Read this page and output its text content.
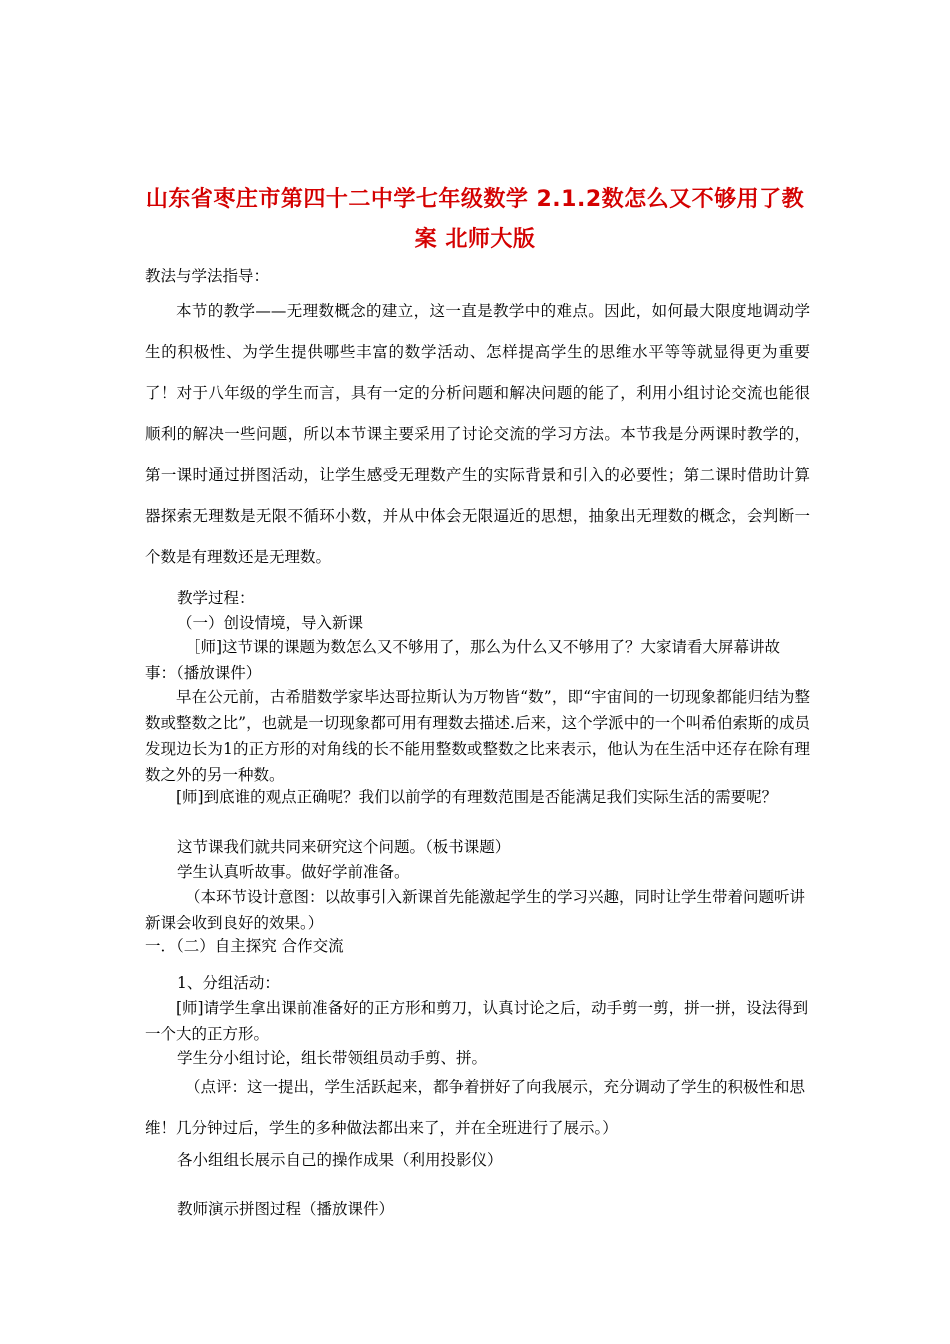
山东省枣庄市第四十二中学七年级数学 2.1.2数怎么又不够用了教
案 北师大版
教法与学法指导：

本节的教学——无理数概念的建立，这一直是教学中的难点。因此，如何最大限度地调动学生的积极性、为学生提供哪些丰富的数学活动、怎样提高学生的思维水平等等就显得更为重要了！对于八年级的学生而言，具有一定的分析问题和解决问题的能了，利用小组讨论交流也能很顺利的解决一些问题，所以本节课主要采用了讨论交流的学习方法。本节我是分两课时教学的，第一课时通过拼图活动，让学生感受无理数产生的实际背景和引入的必要性；第二课时借助计算器探索无理数是无限不循环小数，并从中体会无限逼近的思想，抽象出无理数的概念，会判断一个数是有理数还是无理数。

教学过程：
（一）创设情境，导入新课

［师]这节课的课题为数怎么又不够用了，那么为什么又不够用了？大家请看大屏幕讲故事：（播放课件）

早在公元前，古希腊数学家毕达哥拉斯认为万物皆“数”，即“宇宙间的一切现象都能归结为整数或整数之比”，也就是一切现象都可用有理数去描述.后来，这个学派中的一个叫希伯索斯的成员发现边长为1的正方形的对角线的长不能用整数或整数之比来表示，他认为在生活中还存在除有理数之外的另一种数。

[师]到底谁的观点正确呢？我们以前学的有理数范围是否能满足我们实际生活的需要呢？

这节课我们就共同来研究这个问题。（板书课题）
学生认真听故事。做好学前准备。

（本环节设计意图：以故事引入新课首先能激起学生的学习兴趣，同时让学生带着问题听讲新课会收到良好的效果。）

一．（二）自主探究 合作交流
1、分组活动：

[师]请学生拿出课前准备好的正方形和剪刀，认真讨论之后，动手剪一剪，拼一拼，设法得到一个大的正方形。

学生分小组讨论，组长带领组员动手剪、拼。

（点评：这一提出，学生活跃起来，都争着拼好了向我展示，充分调动了学生的积极性和思维！几分钟过后，学生的多种做法都出来了，并在全班进行了展示。）

各小组组长展示自己的操作成果（利用投影仪）
教师演示拼图过程（播放课件）
